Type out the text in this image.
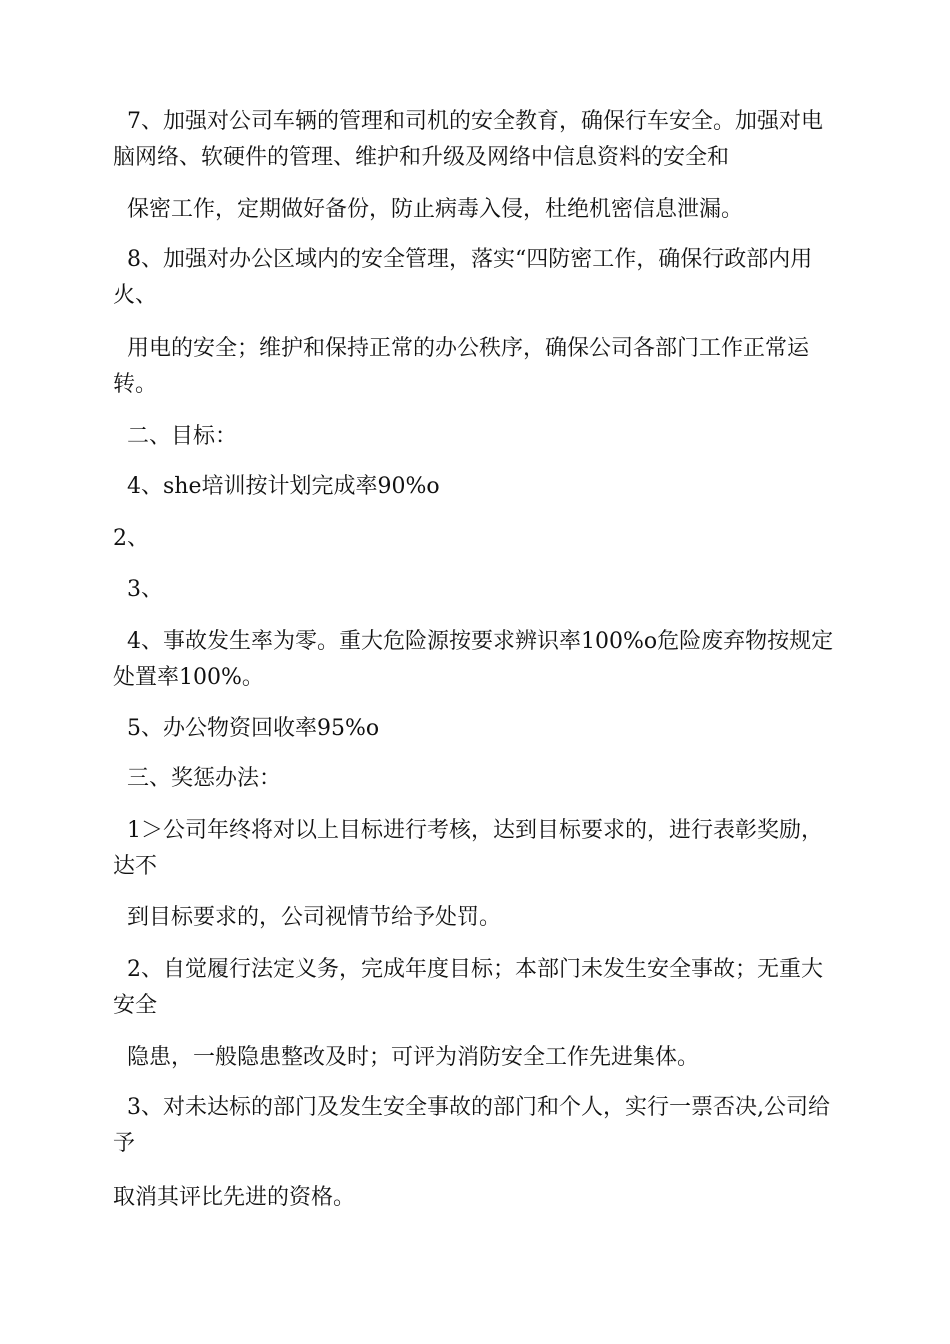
7、加强对公司车辆的管理和司机的安全教育，确保行车安全。加强对电脑网络、软硬件的管理、维护和升级及网络中信息资料的安全和

保密工作，定期做好备份，防止病毒入侵，杜绝机密信息泄漏。

8、加强对办公区域内的安全管理，落实“四防密工作，确保行政部内用火、

用电的安全；维护和保持正常的办公秩序，确保公司各部门工作正常运转。

二、目标：

4、she培训按计划完成率90%o

2、

3、

4、事故发生率为零。重大危险源按要求辨识率100%o危险废弃物按规定处置率100%。

5、办公物资回收率95%o

三、奖惩办法：

1＞公司年终将对以上目标进行考核，达到目标要求的，进行表彰奖励，达不

到目标要求的，公司视情节给予处罚。

2、自觉履行法定义务，完成年度目标；本部门未发生安全事故；无重大安全

隐患，一般隐患整改及时；可评为消防安全工作先进集体。

3、对未达标的部门及发生安全事故的部门和个人，实行一票否决,公司给予

取消其评比先进的资格。
